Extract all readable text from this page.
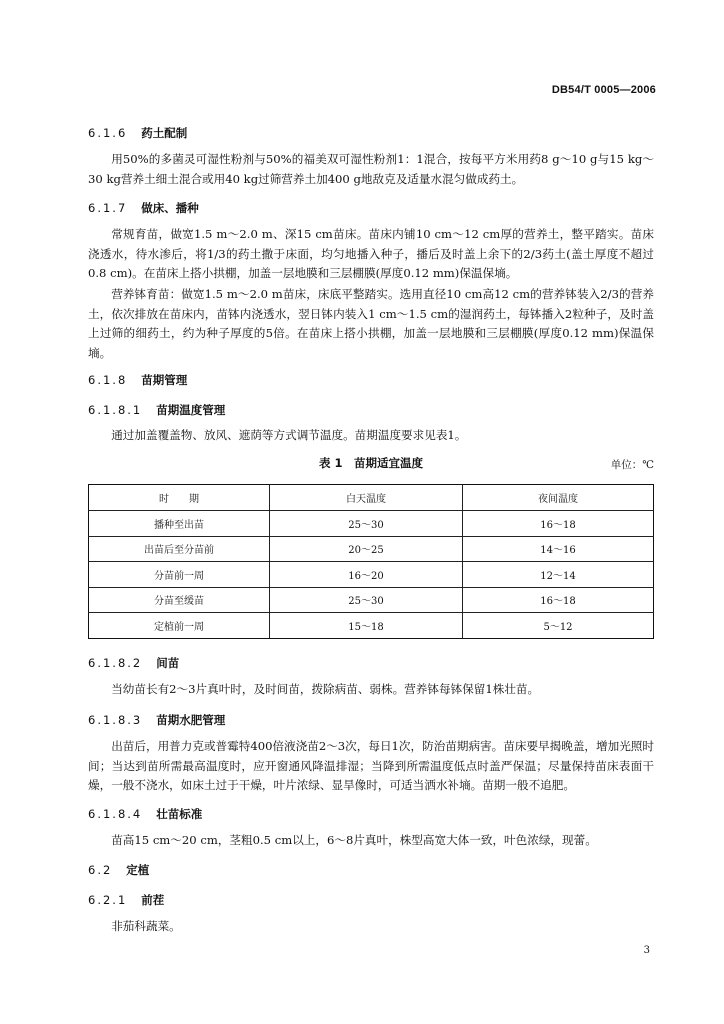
DB54/T 0005—2006
6.1.6 药土配制

用50%的多菌灵可湿性粉剂与50%的福美双可湿性粉剂1：1混合，按每平方米用药8 g～10 g与15 kg～30 kg营养土细土混合或用40 kg过筛营养土加400 g地敌克及适量水混匀做成药土。

6.1.7 做床、播种

常规育苗，做宽1.5 m～2.0 m、深15 cm苗床。苗床内铺10 cm～12 cm厚的营养土，整平踏实。苗床浇透水，待水渗后，将1/3的药土撒于床面，均匀地播入种子，播后及时盖上余下的2/3药土(盖土厚度不超过0.8 cm)。在苗床上搭小拱棚，加盖一层地膜和三层棚膜(厚度0.12 mm)保温保墒。

营养钵育苗：做宽1.5 m～2.0 m苗床，床底平整踏实。选用直径10 cm高12 cm的营养钵装入2/3的营养土，依次排放在苗床内，苗钵内浇透水，翌日钵内装入1 cm～1.5 cm的湿润药土，每钵播入2粒种子，及时盖上过筛的细药土，约为种子厚度的5倍。在苗床上搭小拱棚，加盖一层地膜和三层棚膜(厚度0.12 mm)保温保墒。

6.1.8 苗期管理
6.1.8.1 苗期温度管理

通过加盖覆盖物、放风、遮荫等方式调节温度。苗期温度要求见表1。

表 1　苗期适宜温度	单位：℃
时　　期	白天温度	夜间温度
播种至出苗	25～30	16～18
出苗后至分苗前	20～25	14～16
分苗前一周	16～20	12～14
分苗至缓苗	25～30	16～18
定植前一周	15～18	5～12
6.1.8.2 间苗

当幼苗长有2～3片真叶时，及时间苗，拨除病苗、弱株。营养钵每钵保留1株壮苗。

6.1.8.3 苗期水肥管理

出苗后，用普力克或普霉特400倍液浇苗2～3次，每日1次，防治苗期病害。苗床要早揭晚盖，增加光照时间；当达到苗所需最高温度时，应开窗通风降温排湿；当降到所需温度低点时盖严保温；尽量保持苗床表面干燥，一般不浇水，如床土过于干燥，叶片浓绿、显旱像时，可适当洒水补墒。苗期一般不追肥。

6.1.8.4 壮苗标准

苗高15 cm～20 cm，茎粗0.5 cm以上，6～8片真叶，株型高宽大体一致，叶色浓绿，现蕾。

6.2 定植
6.2.1 前茬

非茄科蔬菜。

3
